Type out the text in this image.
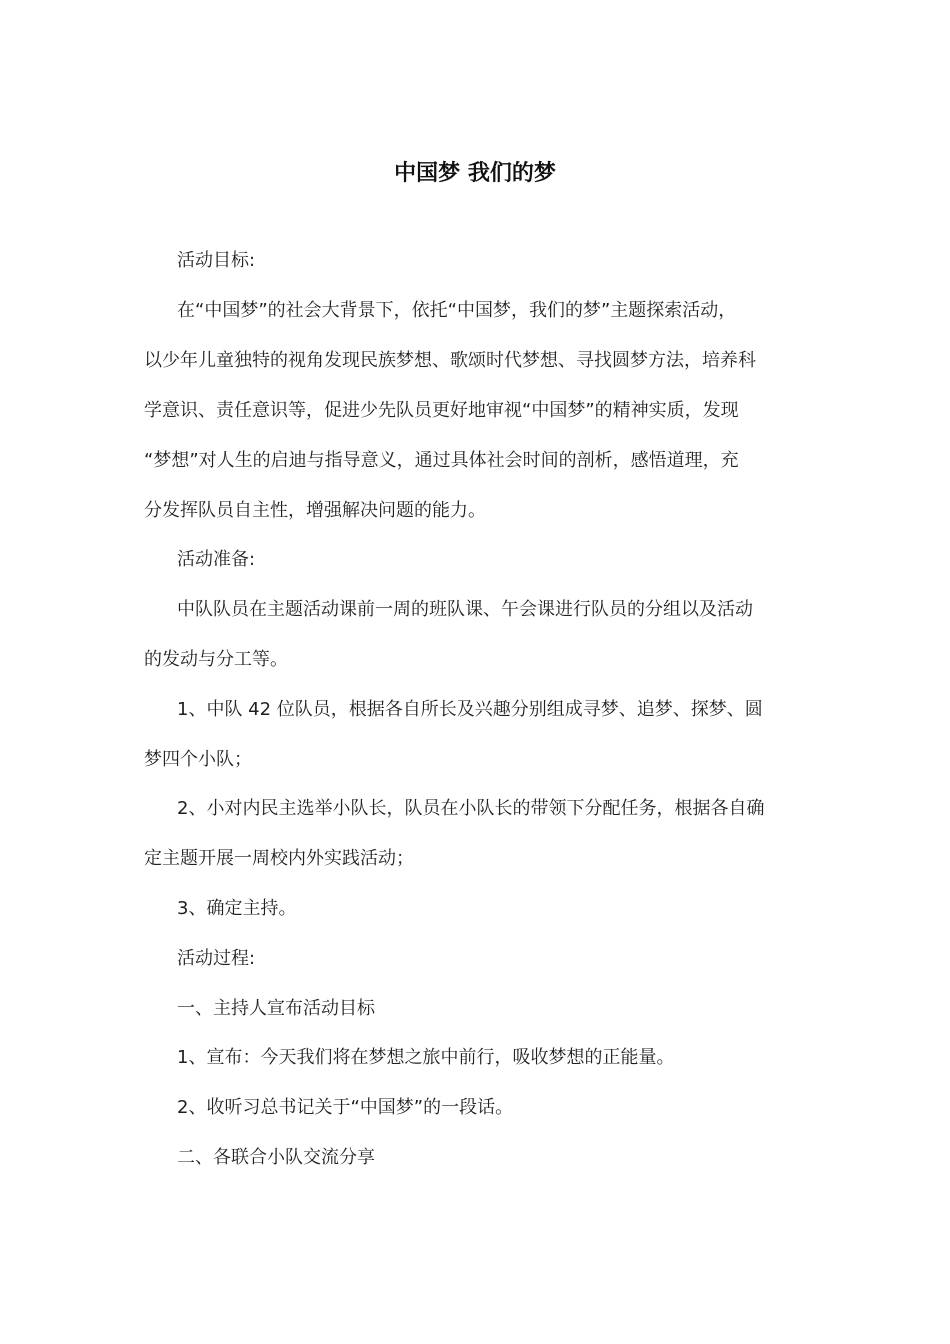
中国梦 我们的梦

活动目标:

在“中国梦”的社会大背景下，依托“中国梦，我们的梦”主题探索活动，

以少年儿童独特的视角发现民族梦想、歌颂时代梦想、寻找圆梦方法，培养科

学意识、责任意识等，促进少先队员更好地审视“中国梦”的精神实质，发现

“梦想”对人生的启迪与指导意义，通过具体社会时间的剖析，感悟道理，充

分发挥队员自主性，增强解决问题的能力。

活动准备:

中队队员在主题活动课前一周的班队课、午会课进行队员的分组以及活动

的发动与分工等。

1、中队 42 位队员，根据各自所长及兴趣分别组成寻梦、追梦、探梦、圆

梦四个小队；

2、小对内民主选举小队长，队员在小队长的带领下分配任务，根据各自确

定主题开展一周校内外实践活动；

3、确定主持。

活动过程:

一、主持人宣布活动目标

1、宣布：今天我们将在梦想之旅中前行，吸收梦想的正能量。

2、收听习总书记关于“中国梦”的一段话。

二、各联合小队交流分享
